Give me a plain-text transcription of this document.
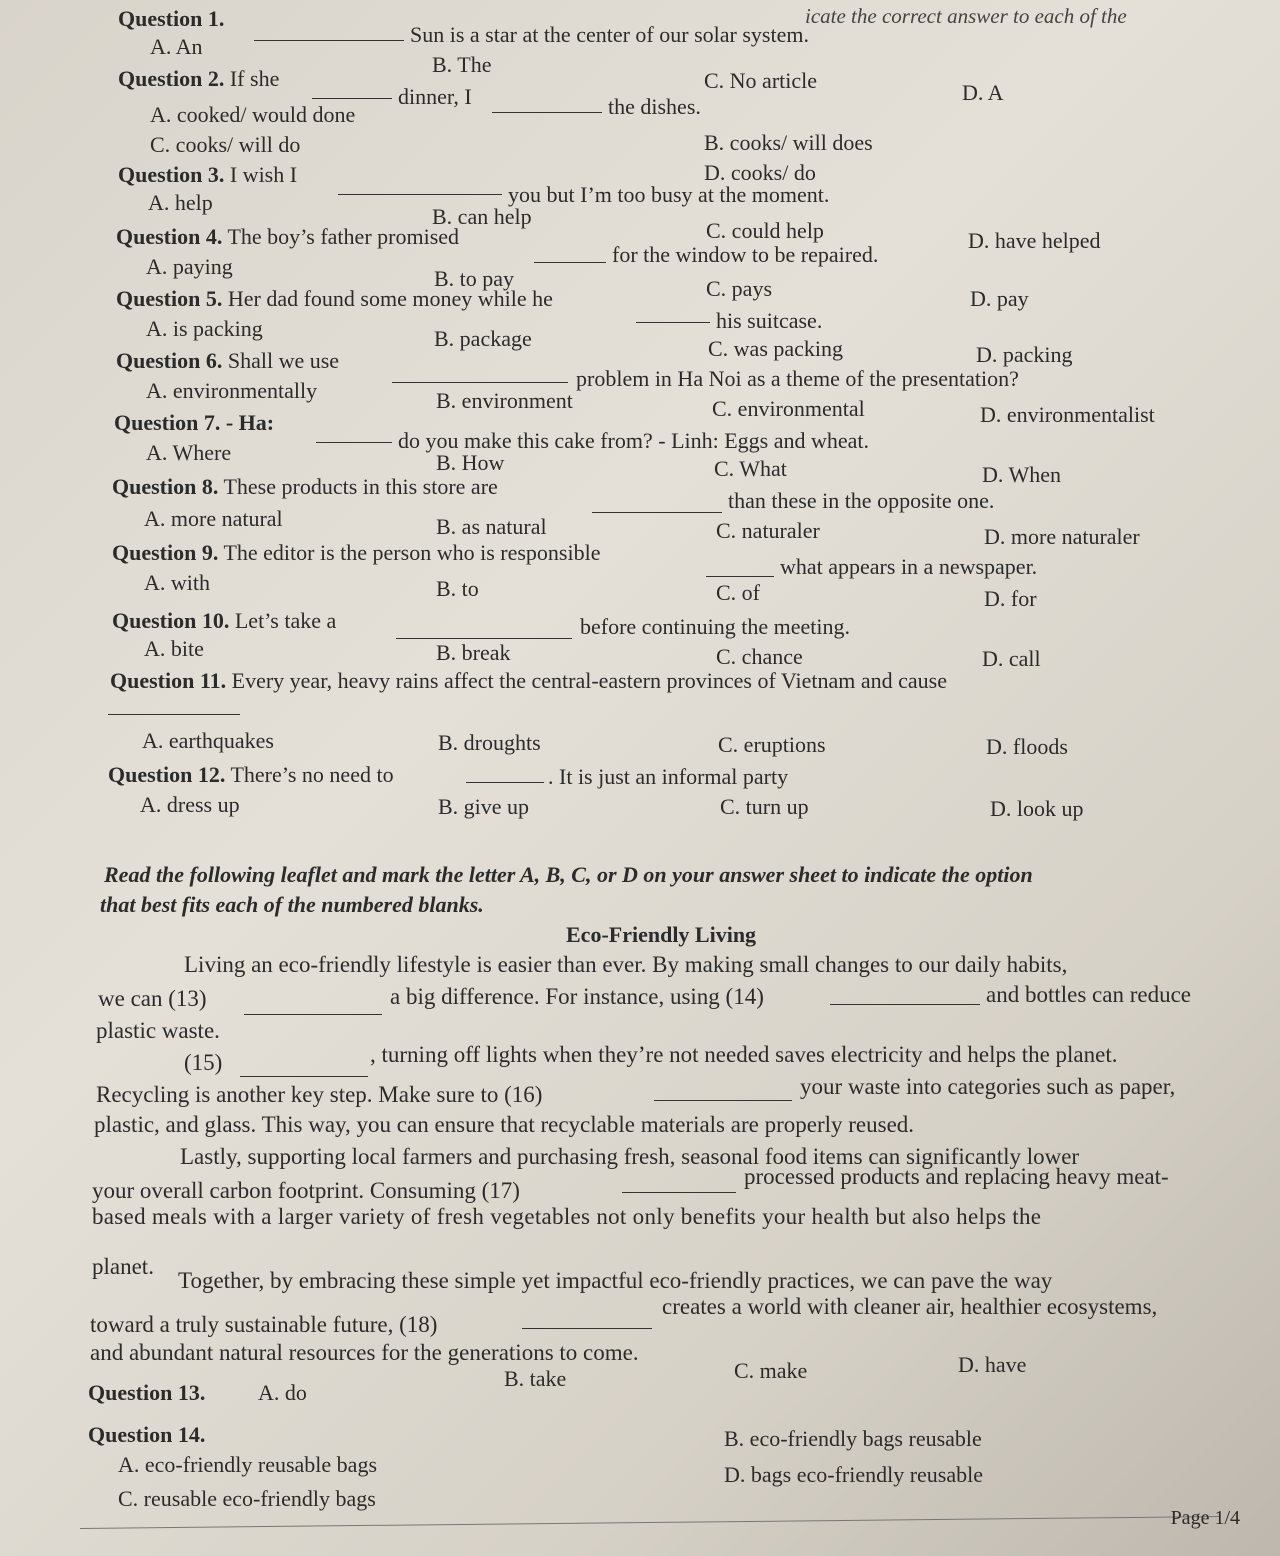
icate the correct answer to each of the
Question 1.
Sun is a star at the center of our solar system.
A. An
B. The
C. No article	D. A
Question 2. If she
dinner, I	the dishes.
A. cooked/ would done
B. cooks/ will does
C. cooks/ will do
D. cooks/ do
Question 3. I wish I
you but I’m too busy at the moment.
A. help
B. can help
C. could help	D. have helped
Question 4. The boy’s father promised
for the window to be repaired.
A. paying	B. to pay	C. pays	D. pay
Question 5. Her dad found some money while he
his suitcase.
A. is packing	B. package	C. was packing	D. packing
Question 6. Shall we use
problem in Ha Noi as a theme of the presentation?
A. environmentally	B. environment	C. environmental	D. environmentalist
Question 7. - Ha:
do you make this cake from? - Linh: Eggs and wheat.
A. Where	B. How	C. What	D. When
Question 8. These products in this store are
than these in the opposite one.
A. more natural	B. as natural	C. naturaler	D. more naturaler
Question 9. The editor is the person who is responsible
what appears in a newspaper.
A. with	B. to	C. of	D. for
Question 10. Let’s take a	before continuing the meeting.
A. bite	B. break	C. chance	D. call
Question 11. Every year, heavy rains affect the central-eastern provinces of Vietnam and cause
A. earthquakes	B. droughts	C. eruptions	D. floods
Question 12. There’s no need to	. It is just an informal party
A. dress up	B. give up	C. turn up	D. look up
Read the following leaflet and mark the letter A, B, C, or D on your answer sheet to indicate the option
that best fits each of the numbered blanks.
Eco-Friendly Living
Living an eco-friendly lifestyle is easier than ever. By making small changes to our daily habits,
we can (13)	a big difference. For instance, using (14)	and bottles can reduce
plastic waste.
(15)	, turning off lights when they’re not needed saves electricity and helps the planet.
Recycling is another key step. Make sure to (16)	your waste into categories such as paper,
plastic, and glass. This way, you can ensure that recyclable materials are properly reused.
Lastly, supporting local farmers and purchasing fresh, seasonal food items can significantly lower
your overall carbon footprint. Consuming (17)
processed products and replacing heavy meat-
based meals with a larger variety of fresh vegetables not only benefits your health but also helps the
planet.
Together, by embracing these simple yet impactful eco-friendly practices, we can pave the way
toward a truly sustainable future, (18)
creates a world with cleaner air, healthier ecosystems,
and abundant natural resources for the generations to come.
Question 13. A. do
B. take	C. make	D. have
Question 14.
A. eco-friendly reusable bags
B. eco-friendly bags reusable
C. reusable eco-friendly bags
D. bags eco-friendly reusable
Page 1/4
